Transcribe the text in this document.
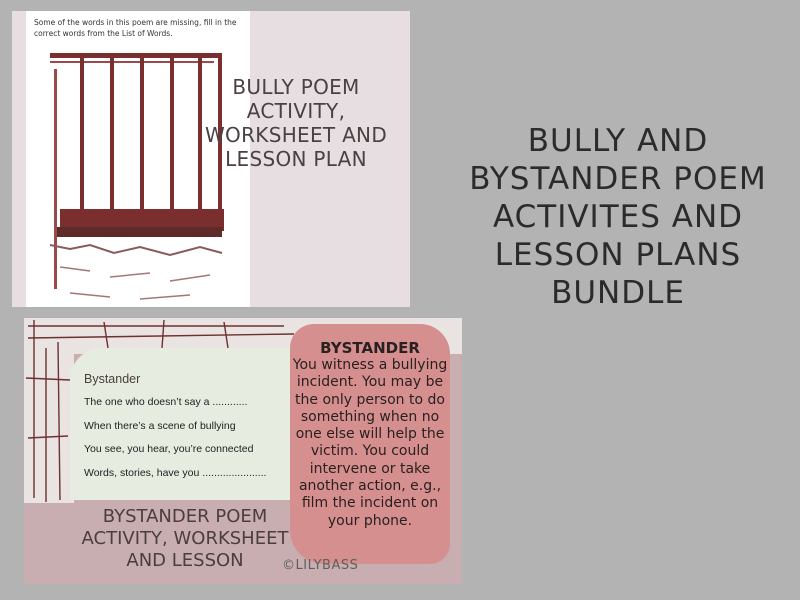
BULLY AND BYSTANDER POEM ACTIVITES AND LESSON PLANS BUNDLE
Some of the words in this poem are missing, fill in the correct words from the List of Words.
BULLY POEM ACTIVITY, WORKSHEET AND LESSON PLAN
Bystander
The one who doesn’t say a ............
When there’s a scene of bullying
You see, you hear, you’re connected
Words, stories, have you ......................
BYSTANDER
You witness a bullying incident. You may be the only person to do something when no one else will help the victim. You could intervene or take another action, e.g., film the incident on your phone.
BYSTANDER POEM ACTIVITY, WORKSHEET AND LESSON	©LILYBASS
